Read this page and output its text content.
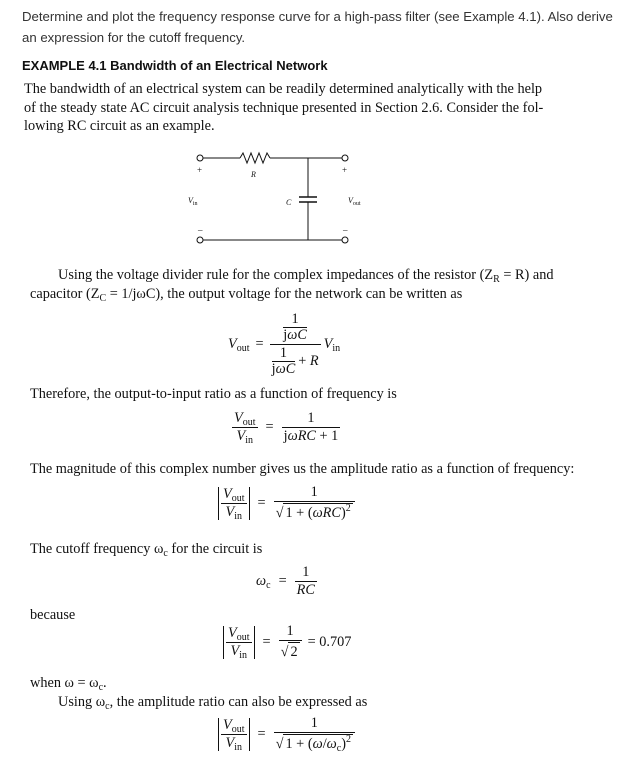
Determine and plot the frequency response curve for a high-pass filter (see Example 4.1). Also derive an expression for the cutoff frequency.
EXAMPLE 4.1 Bandwidth of an Electrical Network
The bandwidth of an electrical system can be readily determined analytically with the help
of the steady state AC circuit analysis technique presented in Section 2.6. Consider the fol-
lowing RC circuit as an example.
+
–
R
C
+
–
$V_{in}$	$V_{out}$
Using the voltage divider rule for the complex impedances of the resistor $(Z_R = R)$ and
capacitor $(Z_C = 1/j\omega C)$, the output voltage for the network can be written as
$V_{out} = 1$
jωC
1
jωC + R $V_{in}$
Therefore, the output-to-input ratio as a function of frequency is
$\frac{V_{out}}{V_{in}} = \frac{1}{\text{jωRC + 1}}$
The magnitude of this complex number gives us the amplitude ratio as a function of frequency:
$\frac{V_{out}}{V_{in}} = \frac{1}{√ 1 + (\omega RC)^2}$
The cutoff frequency $\omega_c$ for the circuit is
$\omega_c = \frac{1}{RC}$
because
$\frac{V_{out}}{V_{in}} = \frac{1}{√ 2} = 0.707$
when $\omega = \omega_c$.
Using $\omega_c$, the amplitude ratio can also be expressed as
$\frac{V_{out}}{V_{in}} = \frac{1}{√ 1 + (\omega/\omega_c)^2}$
